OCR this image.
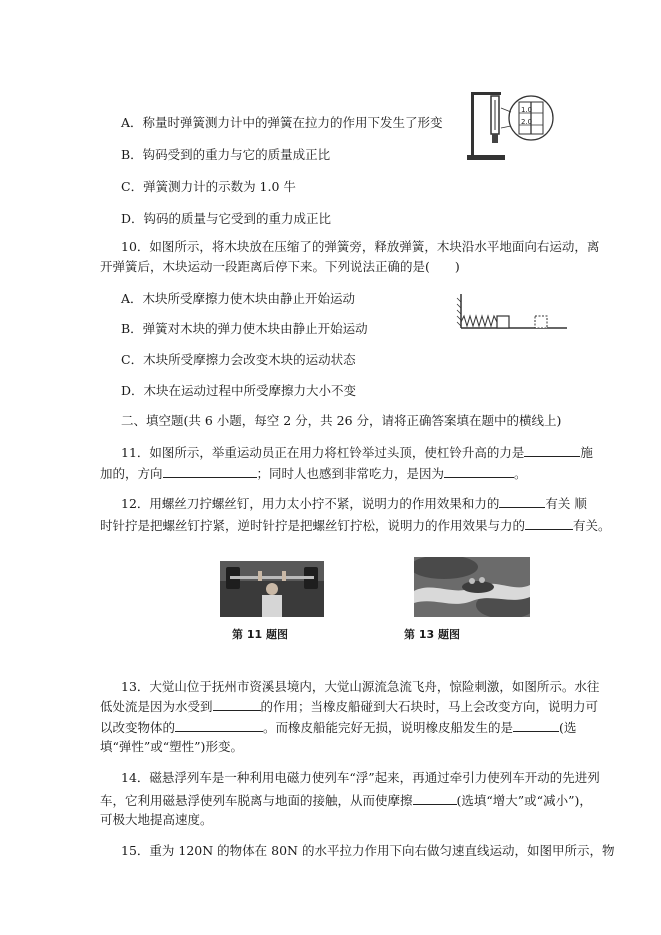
A．称量时弹簧测力计中的弹簧在拉力的作用下发生了形变
B．钩码受到的重力与它的质量成正比
C．弹簧测力计的示数为 1.0 牛
D．钩码的质量与它受到的重力成正比
1.0
2.0
10．如图所示，将木块放在压缩了的弹簧旁，释放弹簧，木块沿水平地面向右运动，离
开弹簧后，木块运动一段距离后停下来。下列说法正确的是(　　)
A．木块所受摩擦力使木块由静止开始运动
B．弹簧对木块的弹力使木块由静止开始运动
C．木块所受摩擦力会改变木块的运动状态
D．木块在运动过程中所受摩擦力大小不变
二、填空题(共 6 小题，每空 2 分，共 26 分，请将正确答案填在题中的横线上)
11．如图所示，举重运动员正在用力将杠铃举过头顶，使杠铃升高的力是	施
加的，方向	；同时人也感到非常吃力，是因为	。
12．用螺丝刀拧螺丝钉，用力太小拧不紧，说明力的作用效果和力的	有关 顺
时针拧是把螺丝钉拧紧，逆时针拧是把螺丝钉拧松，说明力的作用效果与力的	有关。
第 11 题图	第 13 题图
13．大觉山位于抚州市资溪县境内，大觉山源流急流飞舟，惊险刺激，如图所示。水往
低处流是因为水受到	的作用；当橡皮船碰到大石块时，马上会改变方向，说明力可
以改变物体的	。而橡皮船能完好无损，说明橡皮船发生的是	(选
填“弹性”或“塑性”)形变。
14．磁悬浮列车是一种利用电磁力使列车“浮”起来，再通过牵引力使列车开动的先进列
车，它利用磁悬浮使列车脱离与地面的接触，从而使摩擦	(选填“增大”或“减小”)，
可极大地提高速度。
15．重为 120N 的物体在 80N 的水平拉力作用下向右做匀速直线运动，如图甲所示，物
